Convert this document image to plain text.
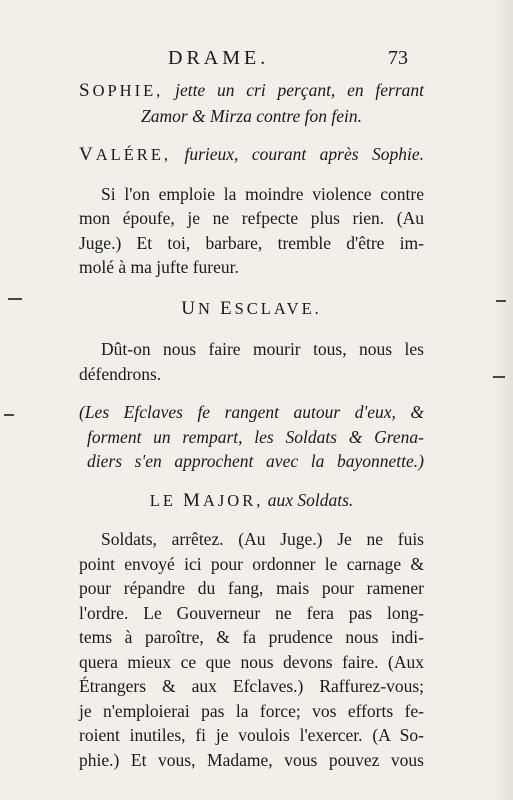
DRAME.	73
SOPHIE, jette un cri perçant, en ferrant
Zamor & Mirza contre fon fein.
VALÉRE, furieux, courant après Sophie.
Si l'on emploie la moindre violence contre
mon époufe, je ne refpecte plus rien. (Au
Juge.) Et toi, barbare, tremble d'être im-
molé à ma jufte fureur.
UN ESCLAVE.
Dût-on nous faire mourir tous, nous les
défendrons.
(Les Efclaves fe rangent autour d'eux, &
forment un rempart, les Soldats & Grena-
diers s'en approchent avec la bayonnette.)
LE MAJOR, aux Soldats.
Soldats, arrêtez. (Au Juge.) Je ne fuis
point envoyé ici pour ordonner le carnage &
pour répandre du fang, mais pour ramener
l'ordre. Le Gouverneur ne fera pas long-
tems à paroître, & fa prudence nous indi-
quera mieux ce que nous devons faire. (Aux
Étrangers & aux Efclaves.) Raffurez-vous;
je n'emploierai pas la force; vos efforts fe-
roient inutiles, fi je voulois l'exercer. (A So-
phie.) Et vous, Madame, vous pouvez vous
